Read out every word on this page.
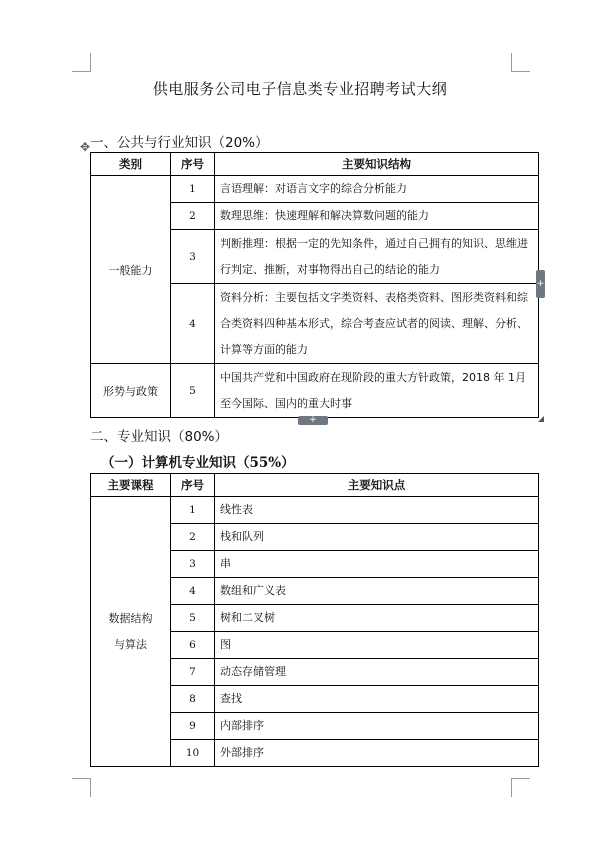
供电服务公司电子信息类专业招聘考试大纲
一、公共与行业知识（20%）
✥
类别	序号	主要知识结构
一般能力	1	言语理解：对语言文字的综合分析能力
	2	数理思维：快速理解和解决算数问题的能力
	3	判断推理：根据一定的先知条件，通过自己拥有的知识、思维进行判定、推断，对事物得出自己的结论的能力
	4	资料分析：主要包括文字类资料、表格类资料、图形类资料和综合类资料四种基本形式，综合考查应试者的阅读、理解、分析、计算等方面的能力
形势与政策	5	中国共产党和中国政府在现阶段的重大方针政策，2018 年 1月至今国际、国内的重大时事
+
+
二、专业知识（80%）
（一）计算机专业知识（55%）
主要课程	序号	主要知识点

数据结构
与算法	1	线性表
	2	栈和队列
	3	串
	4	数组和广义表
	5	树和二叉树
	6	图
	7	动态存储管理
	8	查找
	9	内部排序
	10	外部排序
